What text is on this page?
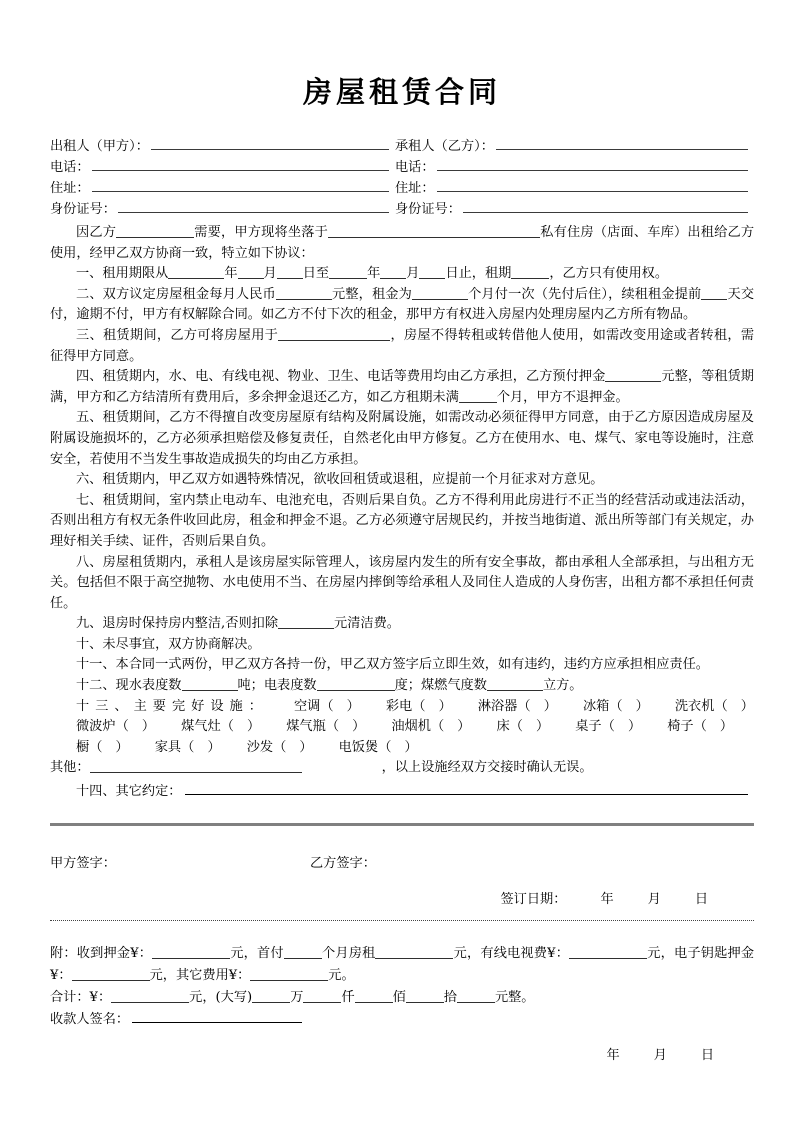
房屋租赁合同
出租人（甲方）：	承租人（乙方）：
电话：	电话：
住址：	住址：
身份证号：	身份证号：

因乙方	需要，甲方现将坐落于	私有住房（店面、车库）出租给乙方使用，经甲乙双方协商一致，特立如下协议：

一、租用期限从	年 月 日至	年 月 日止，租期	，乙方只有使用权。

二、双方议定房屋租金每月人民币	元整，租金为	个月付一次（先付后住），续租租金提前 天交付，逾期不付，甲方有权解除合同。如乙方不付下次的租金，那甲方有权进入房屋内处理房屋内乙方所有物品。

三、租赁期间，乙方可将房屋用于	，房屋不得转租或转借他人使用，如需改变用途或者转租，需征得甲方同意。

四、租赁期内，水、电、有线电视、物业、卫生、电话等费用均由乙方承担，乙方预付押金	元整，等租赁期满，甲方和乙方结清所有费用后，多余押金退还乙方，如乙方租期未满	个月，甲方不退押金。

五、租赁期间，乙方不得擅自改变房屋原有结构及附属设施，如需改动必须征得甲方同意，由于乙方原因造成房屋及附属设施损坏的，乙方必须承担赔偿及修复责任，自然老化由甲方修复。乙方在使用水、电、煤气、家电等设施时，注意安全，若使用不当发生事故造成损失的均由乙方承担。

六、租赁期内，甲乙双方如遇特殊情况，欲收回租赁或退租，应提前一个月征求对方意见。

七、租赁期间，室内禁止电动车、电池充电，否则后果自负。乙方不得利用此房进行不正当的经营活动或违法活动，否则出租方有权无条件收回此房，租金和押金不退。乙方必须遵守居规民约，并按当地街道、派出所等部门有关规定，办理好相关手续、证件，否则后果自负。

八、房屋租赁期内，承租人是该房屋实际管理人，该房屋内发生的所有安全事故，都由承租人全部承担，与出租方无关。包括但不限于高空抛物、水电使用不当、在房屋内摔倒等给承租人及同住人造成的人身伤害，出租方都不承担任何责任。

九、退房时保持房内整洁,否则扣除	元清洁费。

十、未尽事宜，双方协商解决。

十一、本合同一式两份，甲乙双方各持一份，甲乙双方签字后立即生效，如有违约，违约方应承担相应责任。

十二、现水表度数	吨；电表度数	度；煤燃气度数	立方。

十三、主要完好设施： 空调（ ） 彩电（ ） 淋浴器（ ） 冰箱（ ） 洗衣机（ ）微波炉（ ） 煤气灶（ ） 煤气瓶（ ） 油烟机（ ） 床（ ） 桌子（ ） 椅子（ ）橱（ ） 家具（ ） 沙发（ ） 电饭煲（ ）

其他：	，以上设施经双方交接时确认无误。

十四、其它约定：
甲方签字：	乙方签字：
签订日期：	年	月	日

附：收到押金¥：	元，首付	个月房租	元，有线电视费¥：	元，电子钥匙押金¥：	元，其它费用¥：	元。

合计：¥：	元，(大写)	万	仟	佰	拾	元整。

收款人签名：
年	月	日
